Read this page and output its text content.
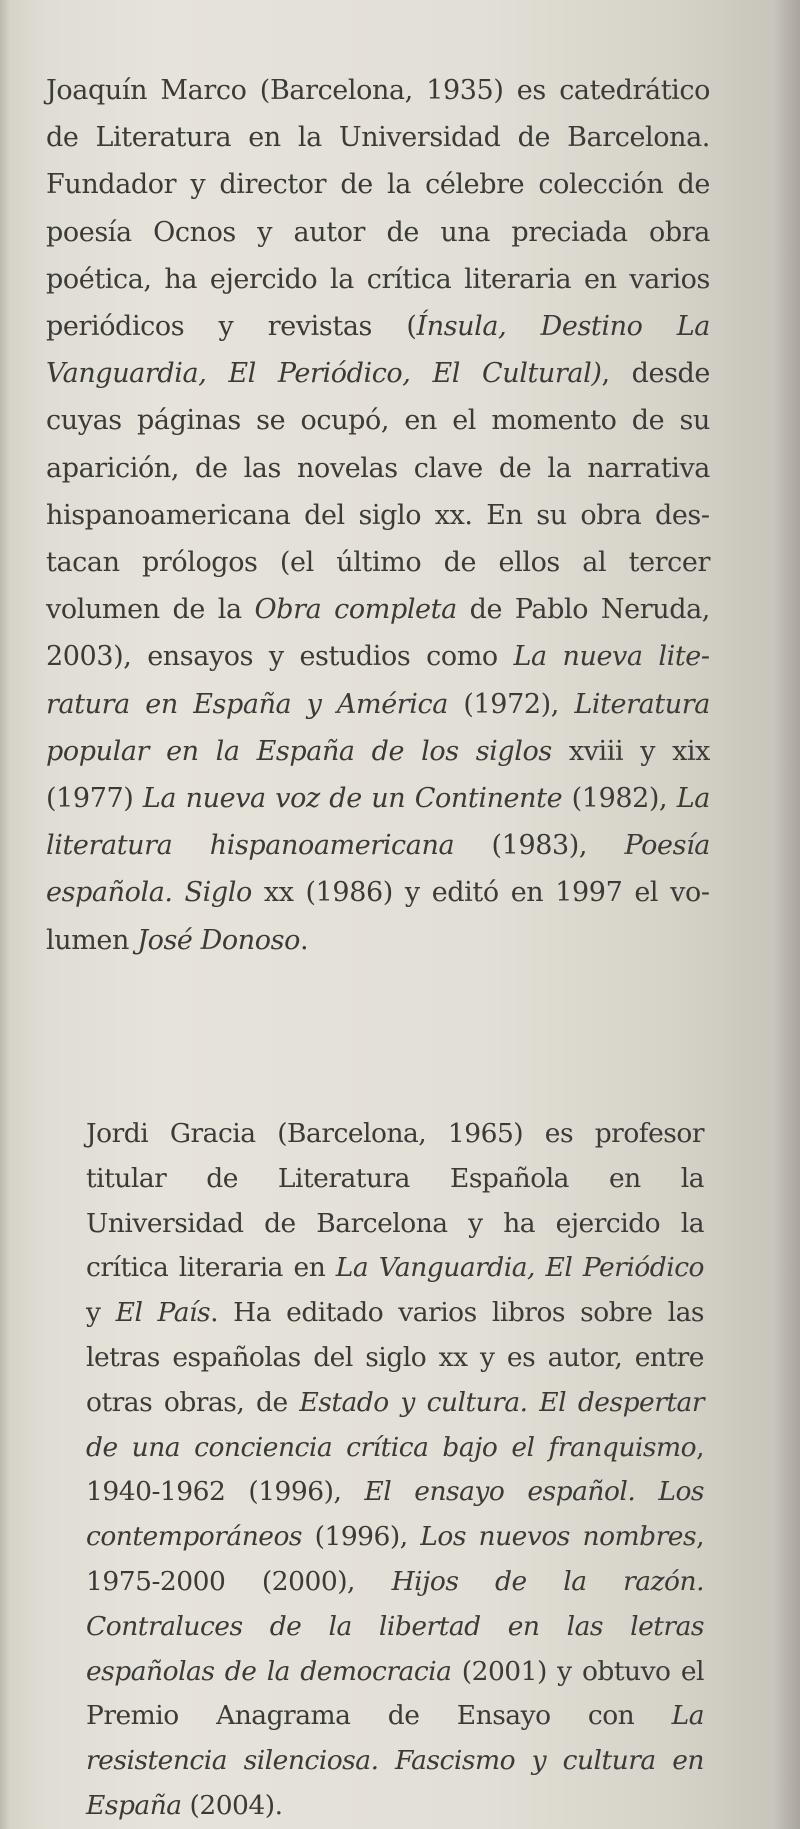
Joaquín Marco (Barcelona, 1935) es catedrático de Literatura en la Universidad de Barcelona. Fundador y director de la célebre colección de poesía Ocnos y autor de una preciada obra poética, ha ejercido la crítica literaria en varios periódicos y revistas (Ínsula, Destino La Vanguardia, El Periódico, El Cultural), desde cuyas páginas se ocupó, en el momento de su aparición, de las novelas clave de la narrativa hispanoamericana del siglo xx. En su obra destacan prólogos (el último de ellos al tercer volumen de la Obra completa de Pablo Neruda, 2003), ensayos y estudios como La nueva literatura en España y América (1972), Literatura popular en la España de los siglos xviii y xix (1977) La nueva voz de un Continente (1982), La literatura hispanoamericana (1983), Poesía española. Siglo xx (1986) y editó en 1997 el volumen José Donoso.

Jordi Gracia (Barcelona, 1965) es profesor titular de Literatura Española en la Universidad de Barcelona y ha ejercido la crítica literaria en La Vanguardia, El Periódico y El País. Ha editado varios libros sobre las letras españolas del siglo xx y es autor, entre otras obras, de Estado y cultura. El despertar de una conciencia crítica bajo el franquismo, 1940-1962 (1996), El ensayo español. Los contemporáneos (1996), Los nuevos nombres, 1975-2000 (2000), Hijos de la razón. Contraluces de la libertad en las letras españolas de la democracia (2001) y obtuvo el Premio Anagrama de Ensayo con La resistencia silenciosa. Fascismo y cultura en España (2004).
